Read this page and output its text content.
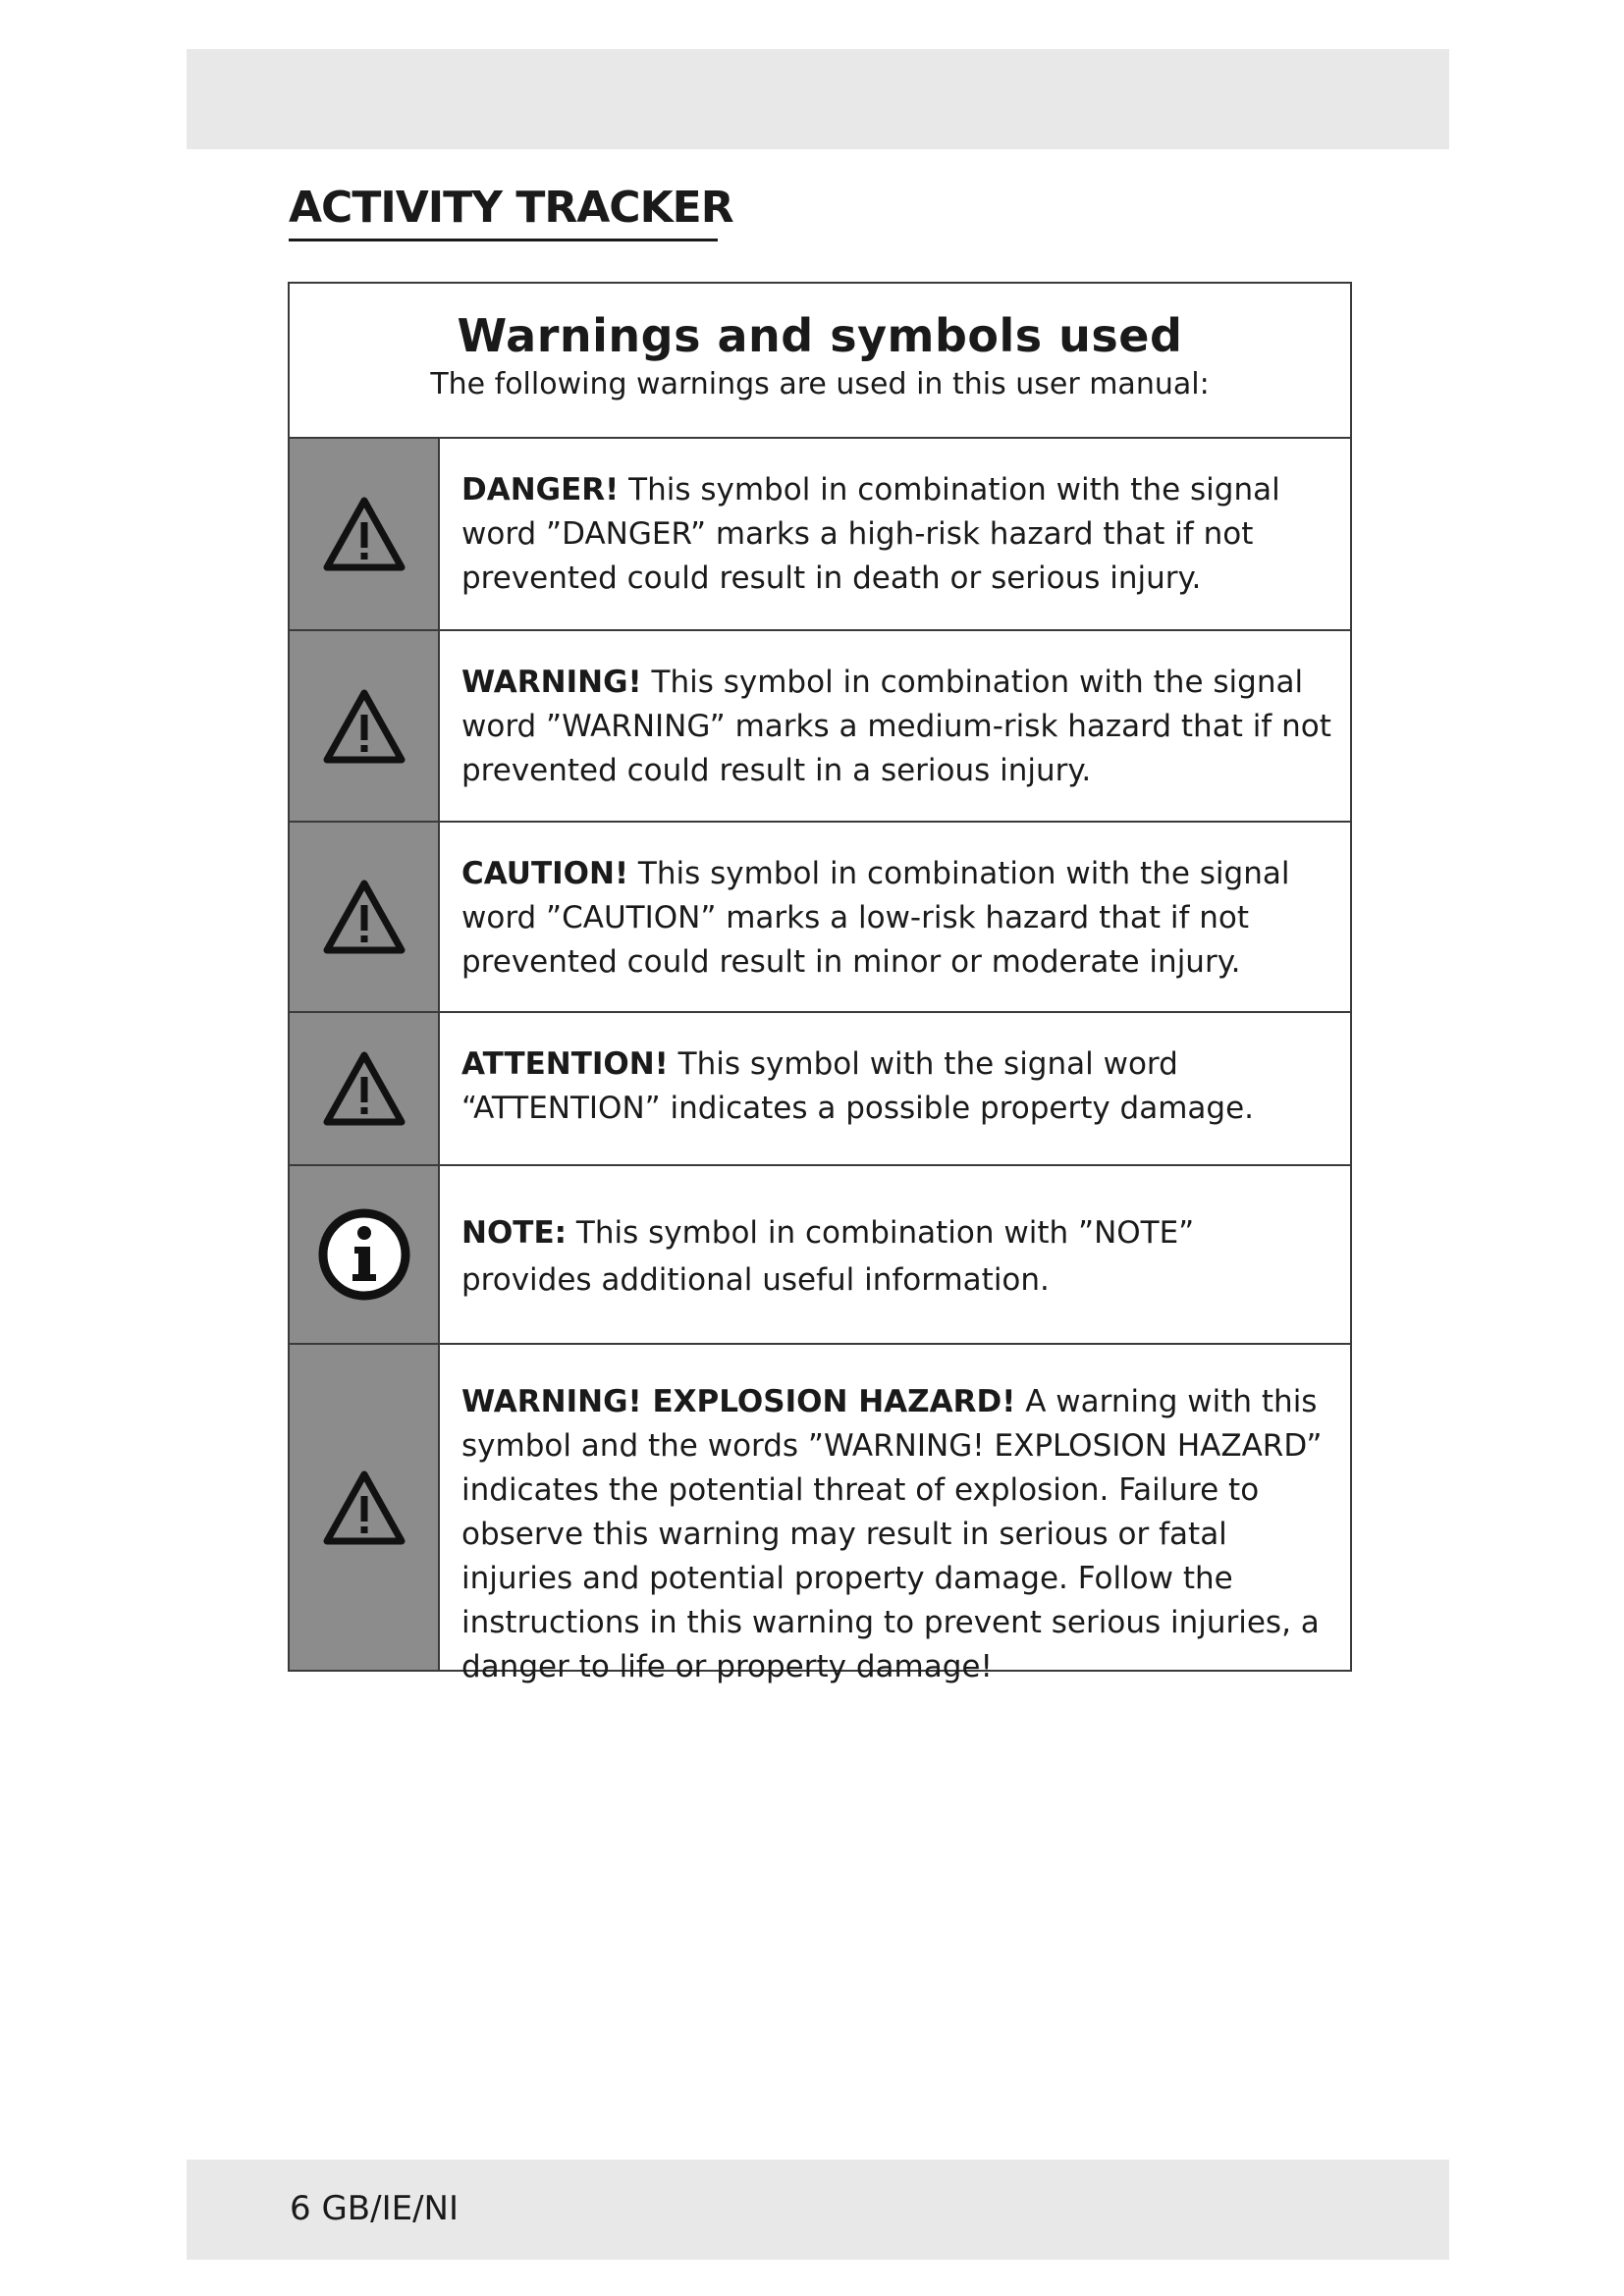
ACTIVITY TRACKER
Warnings and symbols used
The following warnings are used in this user manual:
DANGER! This symbol in combination with the signal word ”DANGER” marks a high-risk hazard that if not prevented could result in death or serious injury.
WARNING! This symbol in combination with the signal word ”WARNING” marks a medium-risk hazard that if not prevented could result in a serious injury.
CAUTION! This symbol in combination with the signal word ”CAUTION” marks a low-risk hazard that if not prevented could result in minor or moderate injury.
ATTENTION! This symbol with the signal word “ATTENTION” indicates a possible property damage.
NOTE: This symbol in combination with ”NOTE” provides additional useful information.
WARNING! EXPLOSION HAZARD! A warning with this symbol and the words ”WARNING! EXPLOSION HAZARD” indicates the potential threat of explosion. Failure to observe this warning may result in serious or fatal injuries and potential property damage. Follow the instructions in this warning to prevent serious injuries, a danger to life or property damage!
6 GB/IE/NI
